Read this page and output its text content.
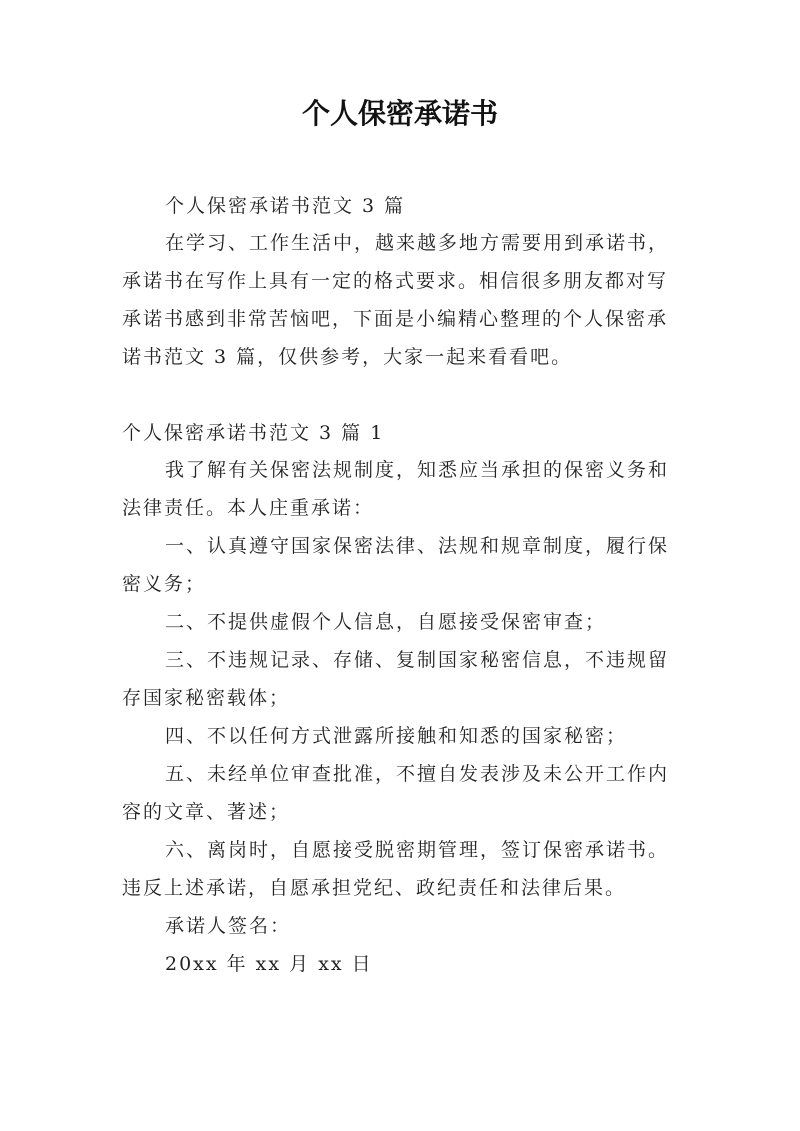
个人保密承诺书

个人保密承诺书范文 3 篇

在学习、工作生活中，越来越多地方需要用到承诺书，

承诺书在写作上具有一定的格式要求。相信很多朋友都对写

承诺书感到非常苦恼吧，下面是小编精心整理的个人保密承

诺书范文 3 篇，仅供参考，大家一起来看看吧。

个人保密承诺书范文 3 篇 1

我了解有关保密法规制度，知悉应当承担的保密义务和

法律责任。本人庄重承诺：

一、认真遵守国家保密法律、法规和规章制度，履行保

密义务；

二、不提供虚假个人信息，自愿接受保密审查；

三、不违规记录、存储、复制国家秘密信息，不违规留

存国家秘密载体；

四、不以任何方式泄露所接触和知悉的国家秘密；

五、未经单位审查批准，不擅自发表涉及未公开工作内

容的文章、著述；

六、离岗时，自愿接受脱密期管理，签订保密承诺书。

违反上述承诺，自愿承担党纪、政纪责任和法律后果。

承诺人签名：

20xx 年 xx 月 xx 日
